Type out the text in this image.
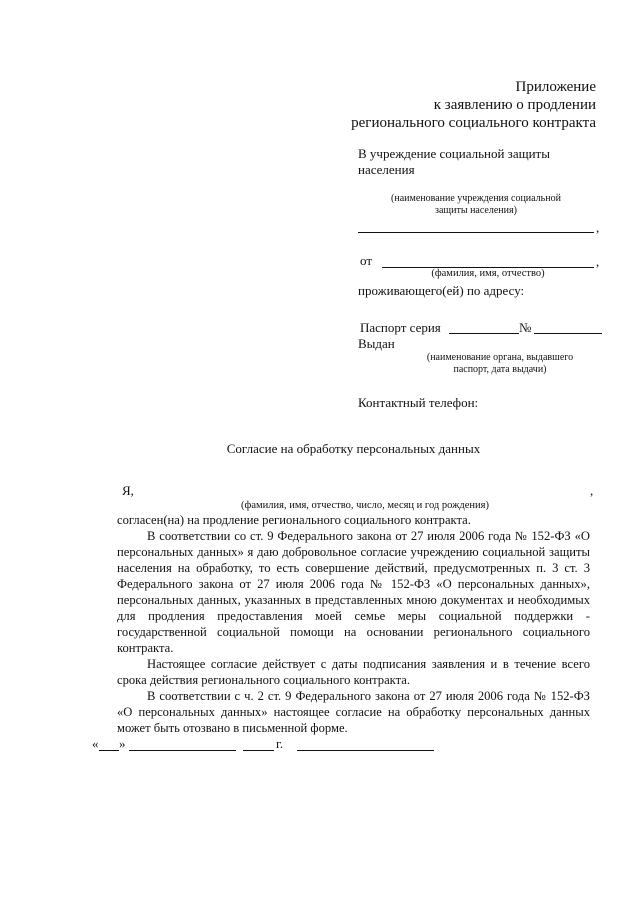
Приложение
к заявлению о продлении
регионального социального контракта
В учреждение социальной защиты
населения
(наименование учреждения социальной
защиты населения)
,
от	,
(фамилия, имя, отчество)
проживающего(ей) по адресу:
Паспорт серия	№
Выдан
(наименование органа, выдавшего
паспорт, дата выдачи)
Контактный телефон:
Согласие на обработку персональных данных
Я,	,
(фамилия, имя, отчество, число, месяц и год рождения)

согласен(на) на продление регионального социального контракта.

В соответствии со ст. 9 Федерального закона от 27 июля 2006 года № 152-ФЗ «О персональных данных» я даю добровольное согласие учреждению социальной защиты населения на обработку, то есть совершение действий, предусмотренных п. 3 ст. 3 Федерального закона от 27 июля 2006 года № 152-ФЗ «О персональных данных», персональных данных, указанных в представленных мною документах и необходимых для продления предоставления моей семье меры социальной поддержки - государственной социальной помощи на основании регионального социального контракта.

Настоящее согласие действует с даты подписания заявления и в течение всего срока действия регионального социального контракта.

В соответствии с ч. 2 ст. 9 Федерального закона от 27 июля 2006 года № 152-ФЗ «О персональных данных» настоящее согласие на обработку персональных данных может быть отозвано в письменной форме.

« »	г.
